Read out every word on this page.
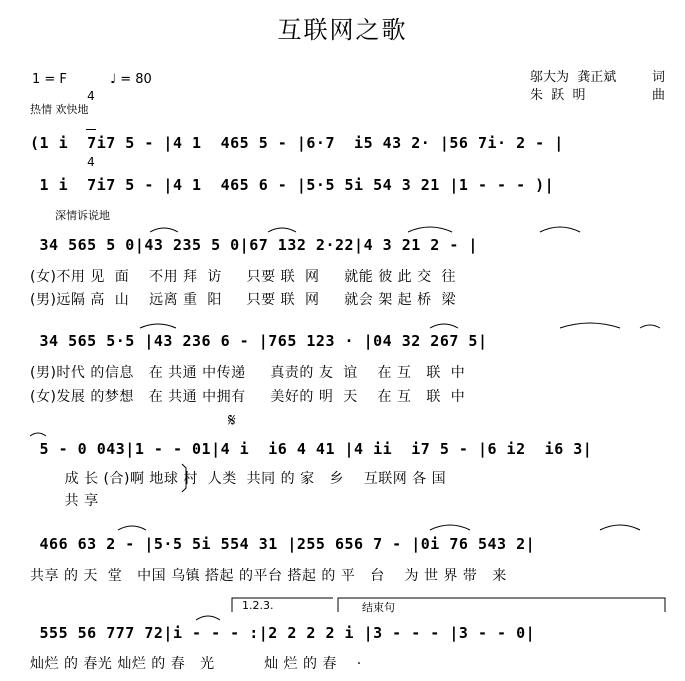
互联网之歌
1 = F

4

4

♩ = 80
热情 欢快地
邬大为  龚正斌	词
朱  跃  明	曲
(1 i  7i7 5 - |4 1  465 5 - |6·7  i5 43 2· |56 7i· 2 - |
1 i  7i7 5 - |4 1  465 6 - |5·5 5i 54 3 21 |1 - - - )|
深情诉说地
34 565 5 0|43 235 5 0|67 132 2·22|4 3 21 2 - |
(女)不用 见  面    不用 拜  访     只要 联  网     就能 彼 此 交  往
(男)远隔 高  山    远离 重  阳     只要 联  网     就会 架 起 桥  梁
34 565 5·5 |43 236 6 - |765 123 · |04 32 267 5|
(男)时代 的信息   在 共通 中传递     真责的 友  谊    在 互   联  中
(女)发展 的梦想   在 共通 中拥有     美好的 明  天    在 互   联  中
𝄋
5 - 0 043|1 - - 01|4 i  i6 4 41 |4 ii  i7 5 - |6 i2  i6 3|
成 长 (合)啊 地球 村  人类  共同 的 家   乡    互联网 各 国
共 享
466 63 2 - |5·5 5i 554 31 |255 656 7 - |0i 76 543 2|
共享 的 天  堂   中国 乌镇 搭起 的平台 搭起 的 平   台    为 世 界 带   来
1.2.3.	结束句
555 56 777 72|i - - - :|2 2 2 2 i |3 - - - |3 - - 0|
灿烂 的 春光 灿烂 的 春   光          灿 烂 的 春    ·
